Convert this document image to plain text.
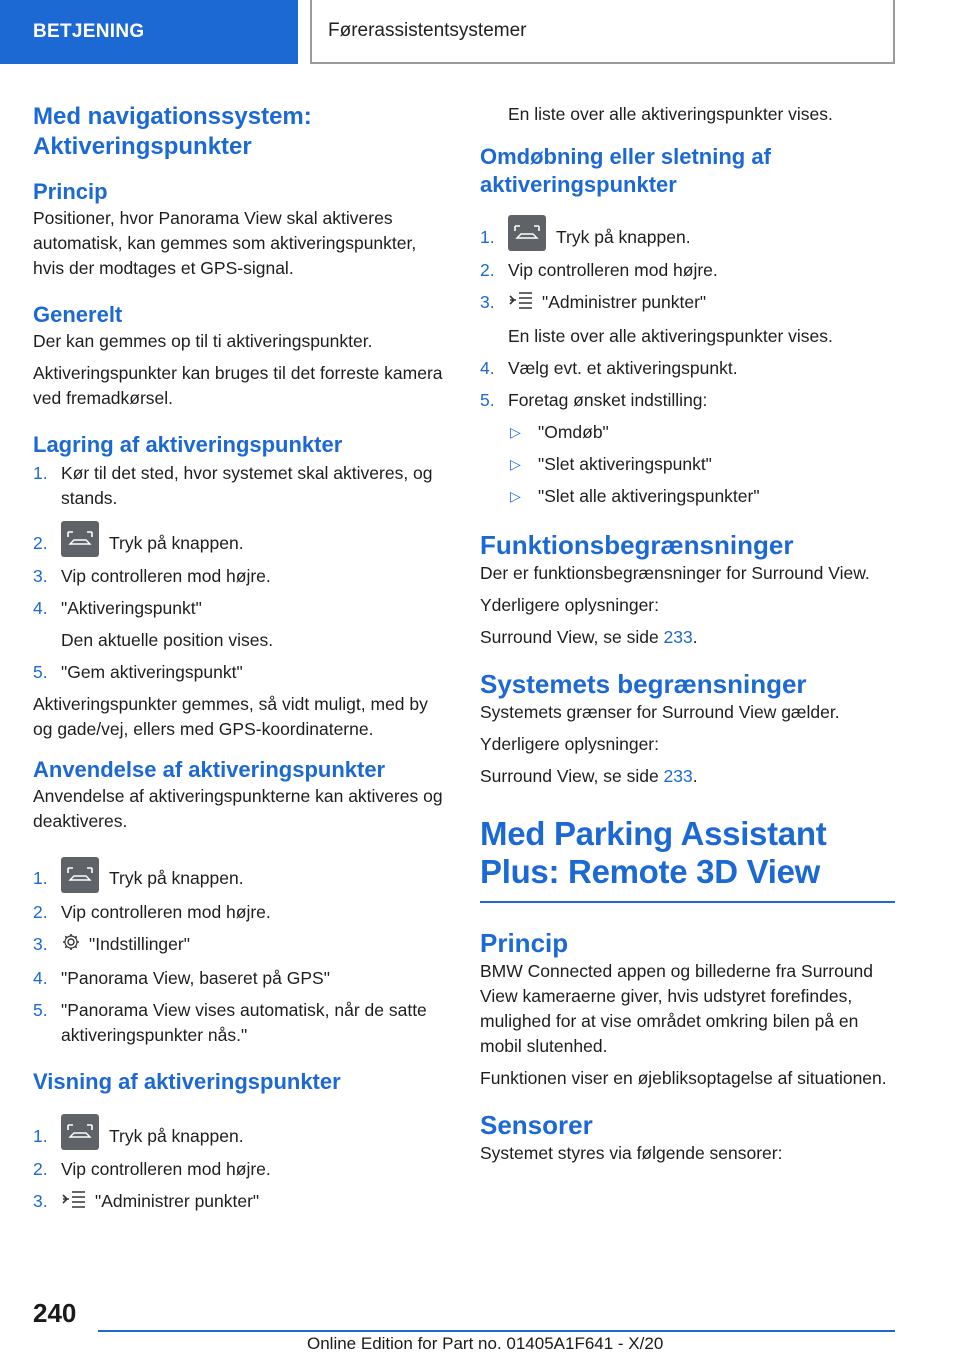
BETJENING	Førerassistentsystemer
Med navigationssystem: Aktiveringspunkter
Princip

Positioner, hvor Panorama View skal aktiveres automatisk, kan gemmes som aktiveringspunkter, hvis der modtages et GPS-signal.

Generelt

Der kan gemmes op til ti aktiveringspunkter.

Aktiveringspunkter kan bruges til det forreste kamera ved fremadkørsel.

Lagring af aktiveringspunkter
1. Kør til det sted, hvor systemet skal aktiveres, og stands.
2.	Tryk på knappen.
3. Vip controlleren mod højre.
4. "Aktiveringspunkt"
Den aktuelle position vises.
5. "Gem aktiveringspunkt"

Aktiveringspunkter gemmes, så vidt muligt, med by og gade/vej, ellers med GPS-koordinaterne.

Anvendelse af aktiveringspunkter

Anvendelse af aktiveringspunkterne kan aktiveres og deaktiveres.

1.	Tryk på knappen.
2. Vip controlleren mod højre.
3. "Indstillinger"
4. "Panorama View, baseret på GPS"
5. "Panorama View vises automatisk, når de satte aktiveringspunkter nås."
Visning af aktiveringspunkter
1.	Tryk på knappen.
2. Vip controlleren mod højre.
3.	"Administrer punkter"
En liste over alle aktiveringspunkter vises.
Omdøbning eller sletning af aktiveringspunkter
1.	Tryk på knappen.
2. Vip controlleren mod højre.
3.	"Administrer punkter"
En liste over alle aktiveringspunkter vises.
4. Vælg evt. et aktiveringspunkt.
5. Foretag ønsket indstilling:
▷ "Omdøb"
▷ "Slet aktiveringspunkt"
▷ "Slet alle aktiveringspunkter"
Funktionsbegrænsninger

Der er funktionsbegrænsninger for Surround View.

Yderligere oplysninger:

Surround View, se side 233.

Systemets begrænsninger

Systemets grænser for Surround View gælder.

Yderligere oplysninger:

Surround View, se side 233.

Med Parking Assistant Plus: Remote 3D View
Princip

BMW Connected appen og billederne fra Surround View kameraerne giver, hvis udstyret forefindes, mulighed for at vise området omkring bilen på en mobil slutenhed.

Funktionen viser en øjebliksoptagelse af situationen.

Sensorer

Systemet styres via følgende sensorer:

240
Online Edition for Part no. 01405A1F641 - X/20
